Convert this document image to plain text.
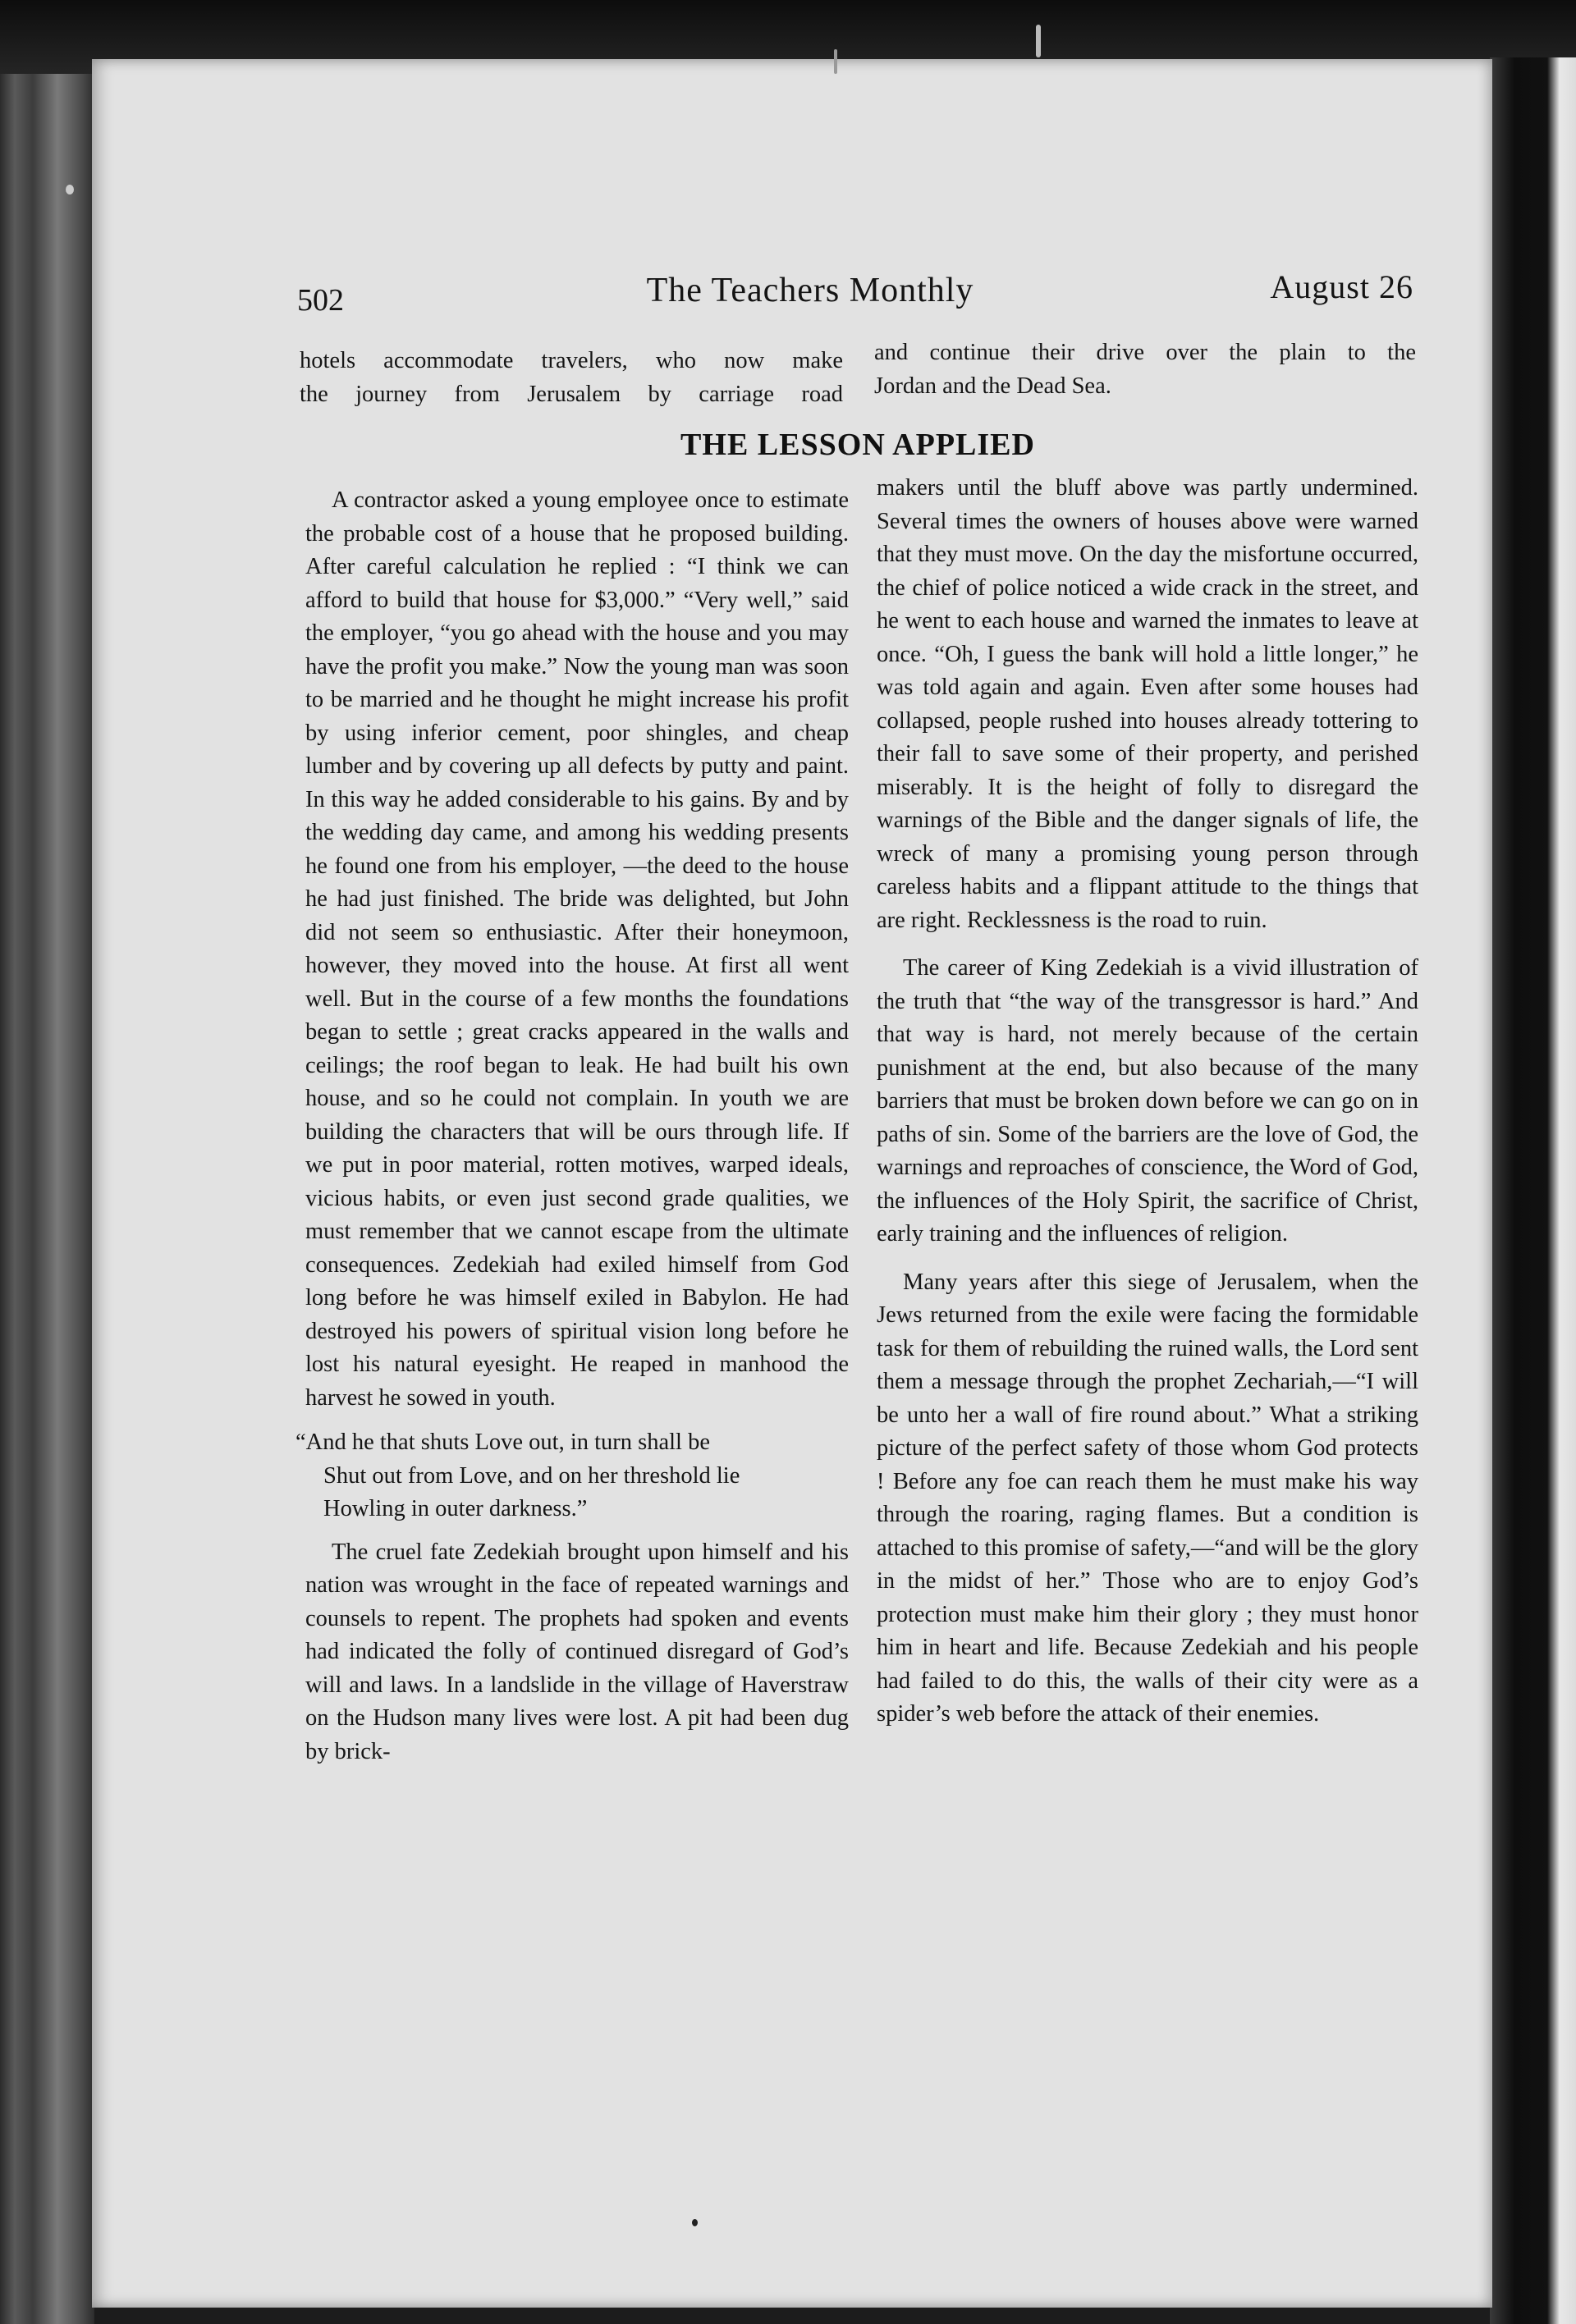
502	The Teachers Monthly	August 26

hotels accommodate travelers, who now make

the journey from Jerusalem by carriage road

and continue their drive over the plain to the

Jordan and the Dead Sea.

THE LESSON APPLIED

A contractor asked a young employee once to estimate the probable cost of a house that he proposed building. After careful calculation he replied : “I think we can afford to build that house for $3,000.” “Very well,” said the employer, “you go ahead with the house and you may have the profit you make.” Now the young man was soon to be married and he thought he might increase his profit by using inferior cement, poor shingles, and cheap lumber and by covering up all defects by putty and paint. In this way he added considerable to his gains. By and by the wedding day came, and among his wedding presents he found one from his employer, —the deed to the house he had just finished. The bride was delighted, but John did not seem so enthusiastic. After their honeymoon, however, they moved into the house. At first all went well. But in the course of a few months the foundations began to settle ; great cracks appeared in the walls and ceilings; the roof began to leak. He had built his own house, and so he could not complain. In youth we are building the characters that will be ours through life. If we put in poor material, rotten motives, warped ideals, vicious habits, or even just second grade qualities, we must remember that we cannot escape from the ultimate consequences. Zedekiah had exiled himself from God long before he was himself exiled in Babylon. He had destroyed his powers of spiritual vision long before he lost his natural eyesight. He reaped in manhood the harvest he sowed in youth.

“And he that shuts Love out, in turn shall be
Shut out from Love, and on her threshold lie
Howling in outer darkness.”

The cruel fate Zedekiah brought upon himself and his nation was wrought in the face of repeated warnings and counsels to repent. The prophets had spoken and events had indicated the folly of continued disregard of God’s will and laws. In a landslide in the village of Haverstraw on the Hudson many lives were lost. A pit had been dug by brick-

makers until the bluff above was partly undermined. Several times the owners of houses above were warned that they must move. On the day the misfortune occurred, the chief of police noticed a wide crack in the street, and he went to each house and warned the inmates to leave at once. “Oh, I guess the bank will hold a little longer,” he was told again and again. Even after some houses had collapsed, people rushed into houses already tottering to their fall to save some of their property, and perished miserably. It is the height of folly to disregard the warnings of the Bible and the danger signals of life, the wreck of many a promising young person through careless habits and a flippant attitude to the things that are right. Recklessness is the road to ruin.

The career of King Zedekiah is a vivid illustration of the truth that “the way of the transgressor is hard.” And that way is hard, not merely because of the certain punishment at the end, but also because of the many barriers that must be broken down before we can go on in paths of sin. Some of the barriers are the love of God, the warnings and reproaches of conscience, the Word of God, the influences of the Holy Spirit, the sacrifice of Christ, early training and the influences of religion.

Many years after this siege of Jerusalem, when the Jews returned from the exile were facing the formidable task for them of rebuilding the ruined walls, the Lord sent them a message through the prophet Zechariah,—“I will be unto her a wall of fire round about.” What a striking picture of the perfect safety of those whom God protects ! Before any foe can reach them he must make his way through the roaring, raging flames. But a condition is attached to this promise of safety,—“and will be the glory in the midst of her.” Those who are to enjoy God’s protection must make him their glory ; they must honor him in heart and life. Because Zedekiah and his people had failed to do this, the walls of their city were as a spider’s web before the attack of their enemies.
